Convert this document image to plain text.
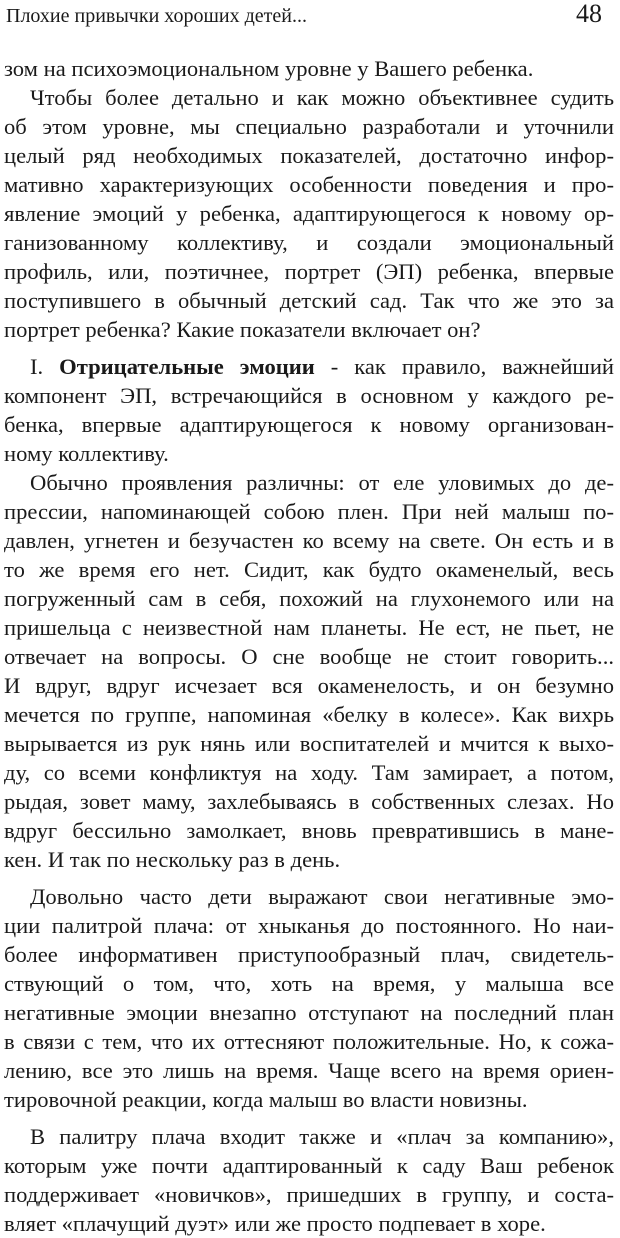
Плохие привычки хороших детей...	48
зом на психоэмоциональном уровне у Вашего ребенка.
Чтобы более детально и как можно объективнее судить
об этом уровне, мы специально разработали и уточнили
целый ряд необходимых показателей, достаточно инфор-
мативно характеризующих особенности поведения и про-
явление эмоций у ребенка, адаптирующегося к новому ор-
ганизованному коллективу, и создали эмоциональный
профиль, или, поэтичнее, портрет (ЭП) ребенка, впервые
поступившего в обычный детский сад. Так что же это за
портрет ребенка? Какие показатели включает он?
I. Отрицательные эмоции - как правило, важнейший
компонент ЭП, встречающийся в основном у каждого ре-
бенка, впервые адаптирующегося к новому организован-
ному коллективу.
Обычно проявления различны: от еле уловимых до де-
прессии, напоминающей собою плен. При ней малыш по-
давлен, угнетен и безучастен ко всему на свете. Он есть и в
то же время его нет. Сидит, как будто окаменелый, весь
погруженный сам в себя, похожий на глухонемого или на
пришельца с неизвестной нам планеты. Не ест, не пьет, не
отвечает на вопросы. О сне вообще не стоит говорить...
И вдруг, вдруг исчезает вся окаменелость, и он безумно
мечется по группе, напоминая «белку в колесе». Как вихрь
вырывается из рук нянь или воспитателей и мчится к выхо-
ду, со всеми конфликтуя на ходу. Там замирает, а потом,
рыдая, зовет маму, захлебываясь в собственных слезах. Но
вдруг бессильно замолкает, вновь превратившись в мане-
кен. И так по нескольку раз в день.
Довольно часто дети выражают свои негативные эмо-
ции палитрой плача: от хныканья до постоянного. Но наи-
более информативен приступообразный плач, свидетель-
ствующий о том, что, хоть на время, у малыша все
негативные эмоции внезапно отступают на последний план
в связи с тем, что их оттесняют положительные. Но, к сожа-
лению, все это лишь на время. Чаще всего на время ориен-
тировочной реакции, когда малыш во власти новизны.
В палитру плача входит также и «плач за компанию»,
которым уже почти адаптированный к саду Ваш ребенок
поддерживает «новичков», пришедших в группу, и соста-
вляет «плачущий дуэт» или же просто подпевает в хоре.
